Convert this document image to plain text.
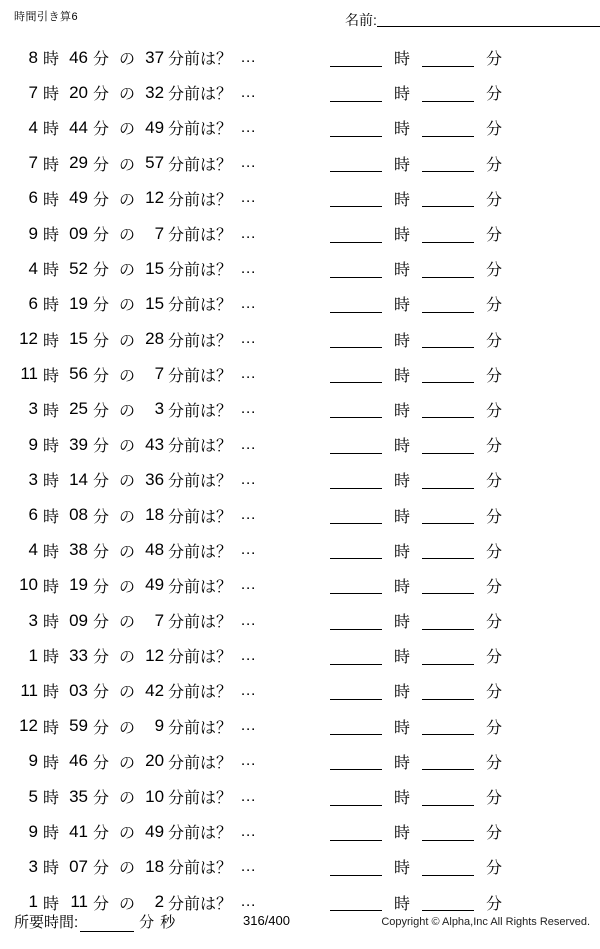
時間引き算6	名前:
8 時 46 分 の 37 分前は？ …	時	分
7 時 20 分 の 32 分前は？ …	時	分
4 時 44 分 の 49 分前は？ …	時	分
7 時 29 分 の 57 分前は？ …	時	分
6 時 49 分 の 12 分前は？ …	時	分
9 時 09 分 の	7 分前は？ …	時	分
4 時 52 分 の 15 分前は？ …	時	分
6 時 19 分 の 15 分前は？ …	時	分
12 時 15 分 の 28 分前は？ …	時	分
11 時 56 分 の	7 分前は？ …	時	分
3 時 25 分 の	3 分前は？ …	時	分
9 時 39 分 の 43 分前は？ …	時	分
3 時 14 分 の 36 分前は？ …	時	分
6 時 08 分 の 18 分前は？ …	時	分
4 時 38 分 の 48 分前は？ …	時	分
10 時 19 分 の 49 分前は？ …	時	分
3 時 09 分 の	7 分前は？ …	時	分
1 時 33 分 の 12 分前は？ …	時	分
11 時 03 分 の 42 分前は？ …	時	分
12 時 59 分 の	9 分前は？ …	時	分
9 時 46 分 の 20 分前は？ …	時	分
5 時 35 分 の 10 分前は？ …	時	分
9 時 41 分 の 49 分前は？ …	時	分
3 時 07 分 の 18 分前は？ …	時	分
1 時 11 分 の	2 分前は？ …	時	分
所要時間:	分 秒	316/400	Copyright © Alpha,Inc All Rights Reserved.
